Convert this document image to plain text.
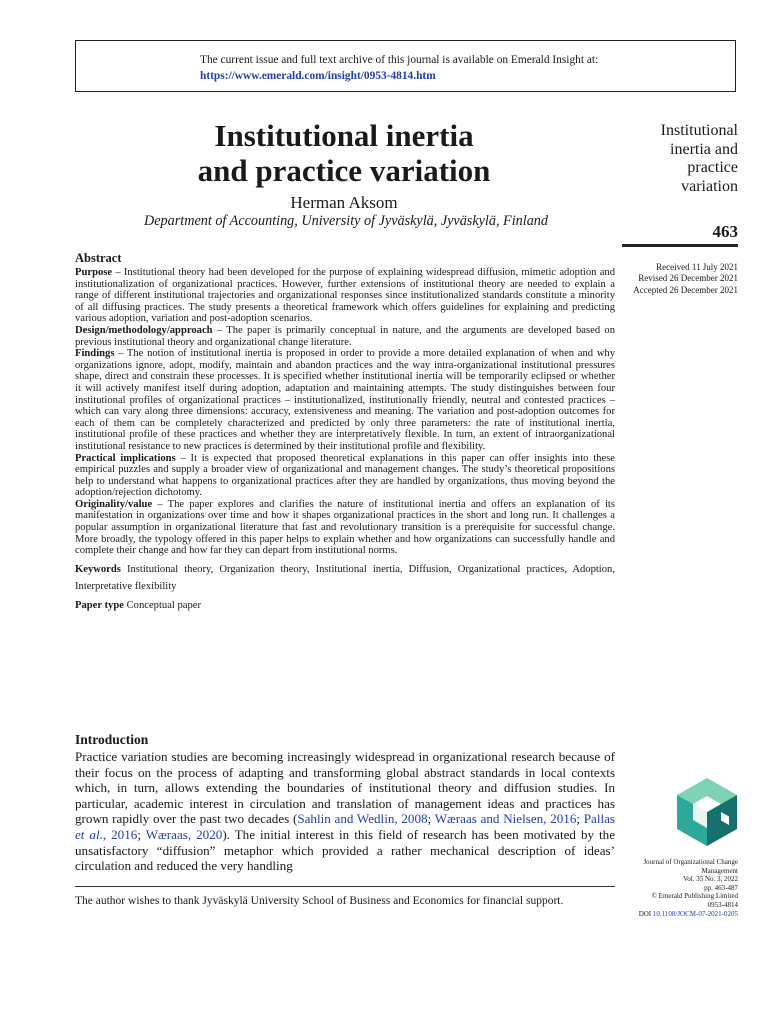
The current issue and full text archive of this journal is available on Emerald Insight at:
https://www.emerald.com/insight/0953-4814.htm
Institutional inertia
and practice variation
Herman Aksom
Department of Accounting, University of Jyväskylä, Jyväskylä, Finland
Institutional
inertia and
practice
variation
463
Received 11 July 2021
Revised 26 December 2021
Accepted 26 December 2021
Abstract

Purpose – Institutional theory had been developed for the purpose of explaining widespread diffusion, mimetic adoption and institutionalization of organizational practices. However, further extensions of institutional theory are needed to explain a range of different institutional trajectories and organizational responses since institutionalized standards constitute a minority of all diffusing practices. The study presents a theoretical framework which offers guidelines for explaining and predicting various adoption, variation and post-adoption scenarios.

Design/methodology/approach – The paper is primarily conceptual in nature, and the arguments are developed based on previous institutional theory and organizational change literature.

Findings – The notion of institutional inertia is proposed in order to provide a more detailed explanation of when and why organizations ignore, adopt, modify, maintain and abandon practices and the way intra-organizational institutional pressures shape, direct and constrain these processes. It is specified whether institutional inertia will be temporarily eclipsed or whether it will actively manifest itself during adoption, adaptation and maintaining attempts. The study distinguishes between four institutional profiles of organizational practices – institutionalized, institutionally friendly, neutral and contested practices – which can vary along three dimensions: accuracy, extensiveness and meaning. The variation and post-adoption outcomes for each of them can be completely characterized and predicted by only three parameters: the rate of institutional inertia, institutional profile of these practices and whether they are interpretatively flexible. In turn, an extent of intraorganizational institutional resistance to new practices is determined by their institutional profile and flexibility.

Practical implications – It is expected that proposed theoretical explanations in this paper can offer insights into these empirical puzzles and supply a broader view of organizational and management changes. The study’s theoretical propositions help to understand what happens to organizational practices after they are handled by organizations, thus moving beyond the adoption/rejection dichotomy.

Originality/value – The paper explores and clarifies the nature of institutional inertia and offers an explanation of its manifestation in organizations over time and how it shapes organizational practices in the short and long run. It challenges a popular assumption in organizational literature that fast and revolutionary transition is a prerequisite for successful change. More broadly, the typology offered in this paper helps to explain whether and how organizations can successfully handle and complete their change and how far they can depart from institutional norms.

Keywords Institutional theory, Organization theory, Institutional inertia, Diffusion, Organizational practices, Adoption, Interpretative flexibility

Paper type Conceptual paper

Introduction

Practice variation studies are becoming increasingly widespread in organizational research because of their focus on the process of adapting and transforming global abstract standards in local contexts which, in turn, allows extending the boundaries of institutional theory and diffusion studies. In particular, academic interest in circulation and translation of management ideas and practices has grown rapidly over the past two decades (Sahlin and Wedlin, 2008; Wæraas and Nielsen, 2016; Pallas et al., 2016; Wæraas, 2020). The initial interest in this field of research has been motivated by the unsatisfactory “diffusion” metaphor which provided a rather mechanical description of ideas’ circulation and reduced the very handling

The author wishes to thank Jyväskylä University School of Business and Economics for financial support.
Journal of Organizational Change Management
Vol. 35 No. 3, 2022
pp. 463-487
© Emerald Publishing Limited
0953-4814
DOI 10.1108/JOCM-07-2021-0205
